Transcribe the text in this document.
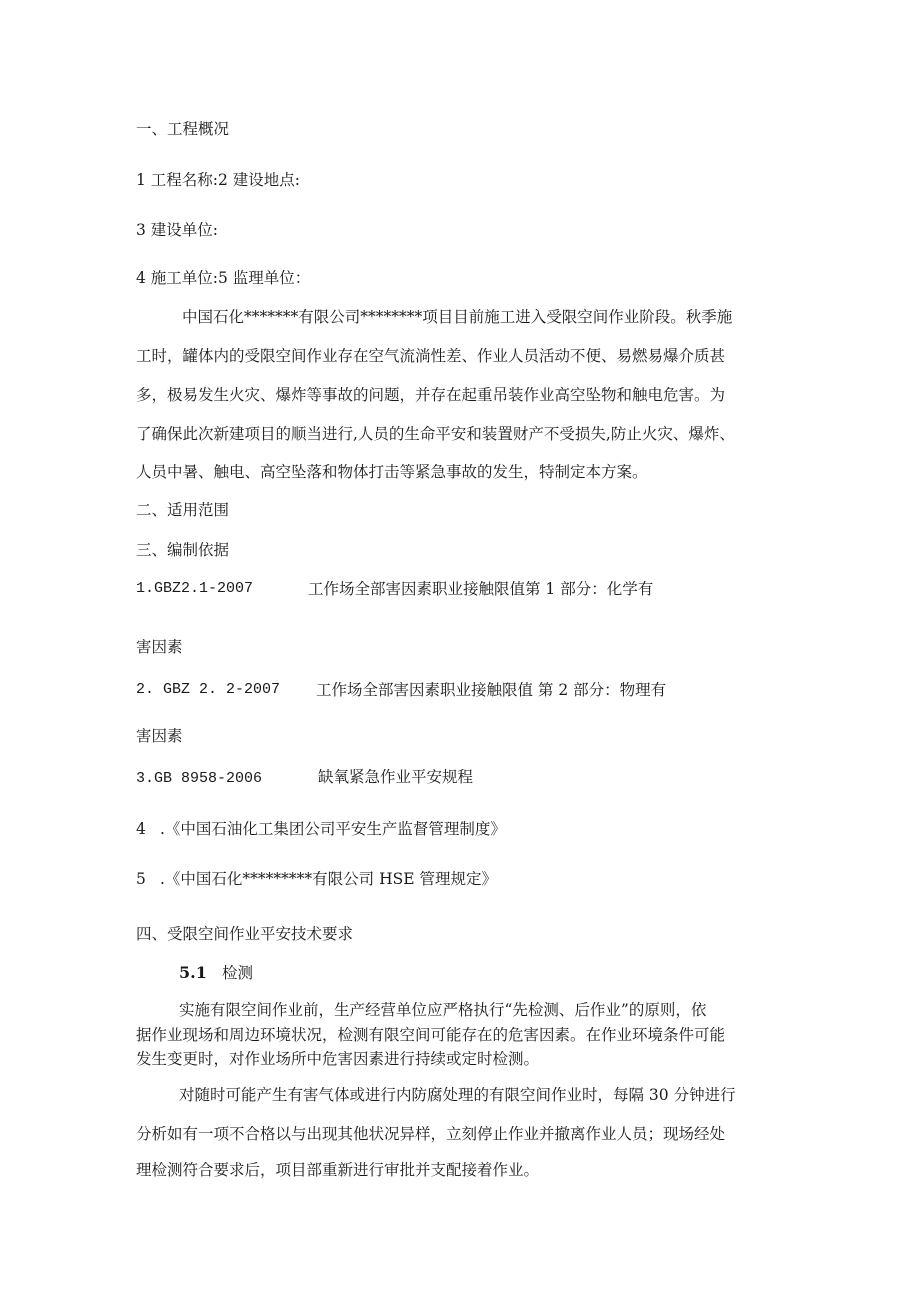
一、工程概况
1 工程名称:2 建设地点:
3 建设单位:
4 施工单位:5 监理单位：
中国石化*******有限公司********项目目前施工进入受限空间作业阶段。秋季施
工时，罐体内的受限空间作业存在空气流淌性差、作业人员活动不便、易燃易爆介质甚
多，极易发生火灾、爆炸等事故的问题，并存在起重吊装作业高空坠物和触电危害。为
了确保此次新建项目的顺当进行,人员的生命平安和装置财产不受损失,防止火灾、爆炸、
人员中暑、触电、高空坠落和物体打击等紧急事故的发生，特制定本方案。
二、适用范围
三、编制依据
1.GBZ2.1-2007	工作场全部害因素职业接触限值第 1 部分：化学有
害因素
2. GBZ 2. 2-2007 工作场全部害因素职业接触限值 第 2 部分：物理有
害因素
3.GB 8958-2006	缺氧紧急作业平安规程
4 .《中国石油化工集团公司平安生产监督管理制度》
5 .《中国石化*********有限公司 HSE 管理规定》
四、受限空间作业平安技术要求
5.1 检测
实施有限空间作业前，生产经营单位应严格执行“先检测、后作业”的原则，依
据作业现场和周边环境状况，检测有限空间可能存在的危害因素。在作业环境条件可能
发生变更时，对作业场所中危害因素进行持续或定时检测。
对随时可能产生有害气体或进行内防腐处理的有限空间作业时，每隔 30 分钟进行
分析如有一项不合格以与出现其他状况异样，立刻停止作业并撤离作业人员；现场经处
理检测符合要求后，项目部重新进行审批并支配接着作业。
